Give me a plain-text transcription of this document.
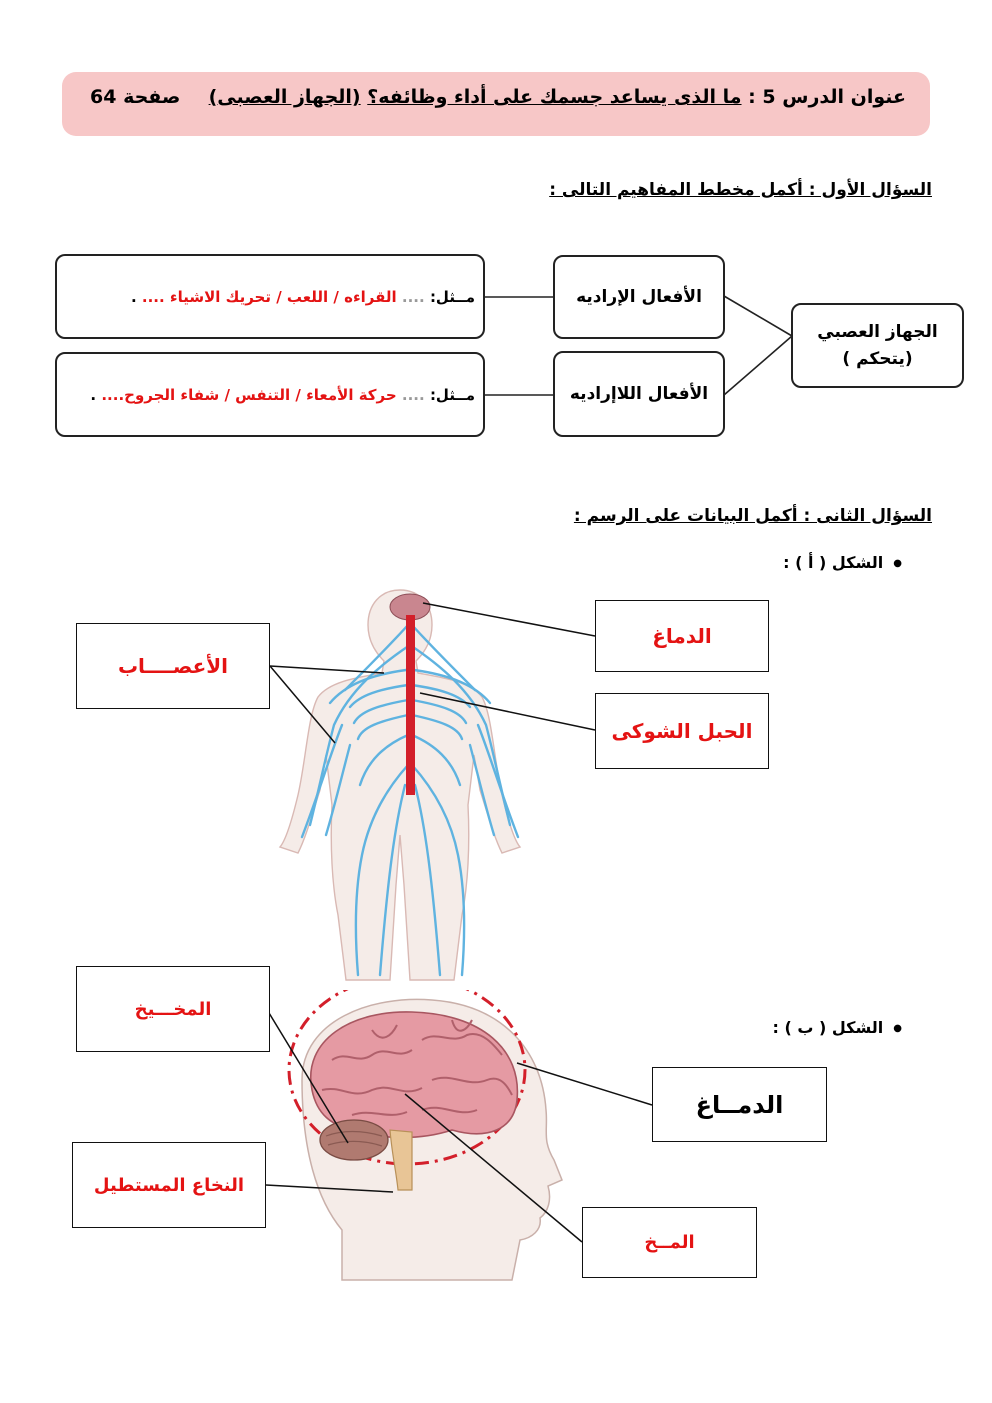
عنوان الدرس 5 : ما الذى يساعد جسمك على أداء وظائفه؟ (الجهاز العصبى)
صفحة 64
السؤال الأول : أكمل مخطط المفاهيم التالى :
الجهاز العصبي
(يتحكم )
الأفعال الإراديه
الأفعال اللاإراديه
مــثل:

....

القراءه / اللعب / تحريك الاشياء ....

.
مــثل:

....

حركة الأمعاء / التنفس / شفاء الجروح....

.
السؤال الثانى : أكمل البيانات على الرسم :
● الشكل ( أ ) :
الدماغ
الحبل الشوكى
الأعصــــاب
● الشكل ( ب ) :
المخـــيخ
النخاع المستطيل
الدمــاغ
المــخ
